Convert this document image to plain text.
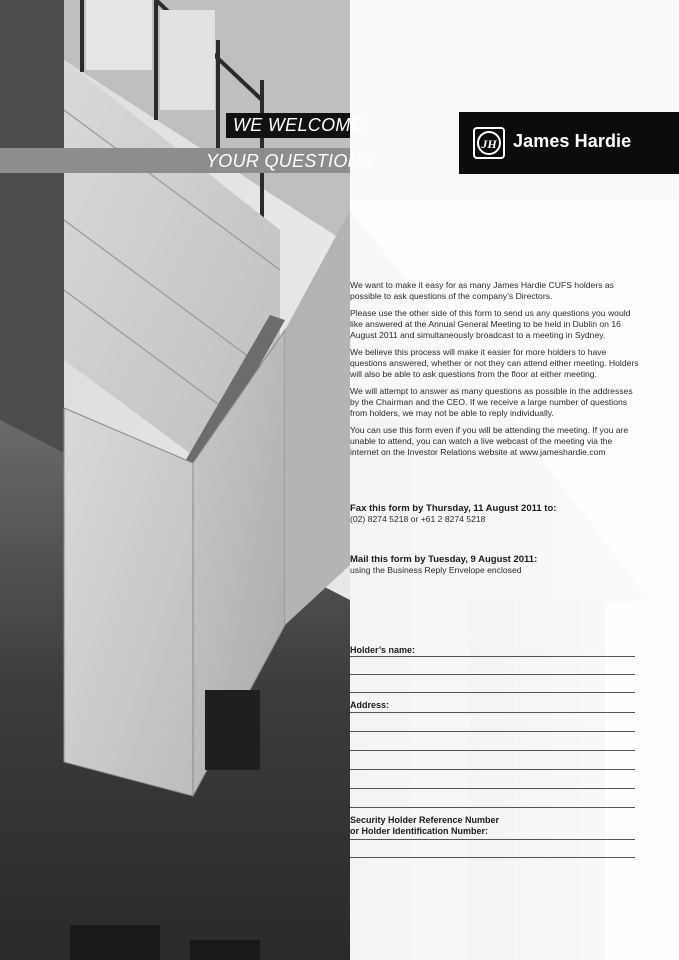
WE WELCOME
YOUR QUESTIONS
JH James Hardie

We want to make it easy for as many James Hardie CUFS holders as possible to ask questions of the company’s Directors.

Please use the other side of this form to send us any questions you would like answered at the Annual General Meeting to be held in Dublin on 16 August 2011 and simultaneously broadcast to a meeting in Sydney.

We believe this process will make it easier for more holders to have questions answered, whether or not they can attend either meeting. Holders will also be able to ask questions from the floor at either meeting.

We will attempt to answer as many questions as possible in the addresses by the Chairman and the CEO. If we receive a large number of questions from holders, we may not be able to reply individually.

You can use this form even if you will be attending the meeting. If you are unable to attend, you can watch a live webcast of the meeting via the internet on the Investor Relations website at www.jameshardie.com

Fax this form by Thursday, 11 August 2011 to:
(02) 8274 5218 or +61 2 8274 5218
Mail this form by Tuesday, 9 August 2011:
using the Business Reply Envelope enclosed
Holder’s name:
Address:
Security Holder Reference Number
or Holder Identification Number:
